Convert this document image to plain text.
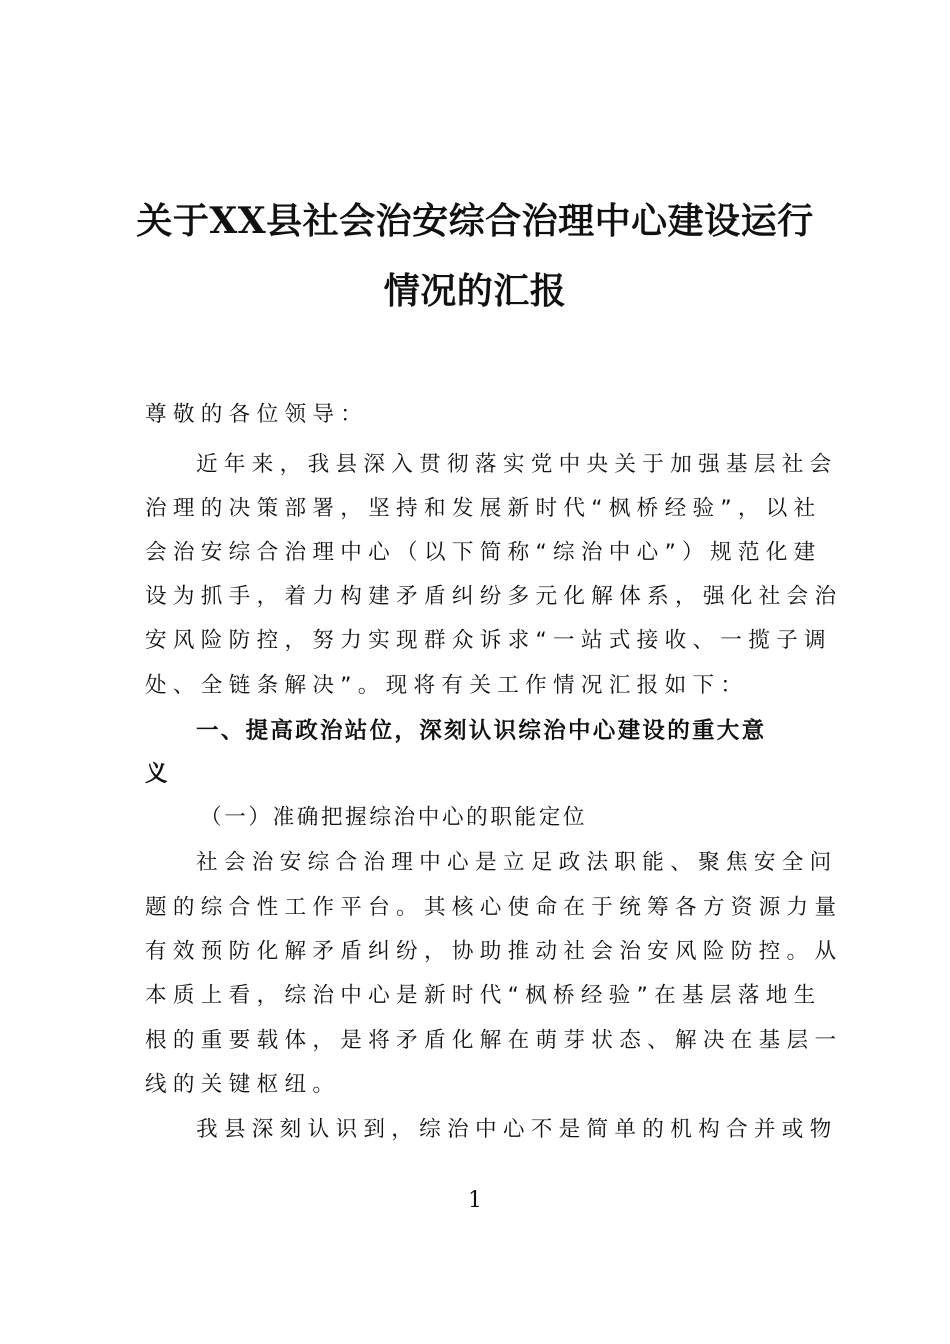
关于XX县社会治安综合治理中心建设运行
情况的汇报
尊敬的各位领导：
近年来，我县深入贯彻落实党中央关于加强基层社会
治理的决策部署，坚持和发展新时代“枫桥经验”，以社
会治安综合治理中心（以下简称“综治中心”）规范化建
设为抓手，着力构建矛盾纠纷多元化解体系，强化社会治
安风险防控，努力实现群众诉求“一站式接收、一揽子调
处、全链条解决”。现将有关工作情况汇报如下：
一、提高政治站位，深刻认识综治中心建设的重大意
义
（一）准确把握综治中心的职能定位
社会治安综合治理中心是立足政法职能、聚焦安全问
题的综合性工作平台。其核心使命在于统筹各方资源力量
有效预防化解矛盾纠纷，协助推动社会治安风险防控。从
本质上看，综治中心是新时代“枫桥经验”在基层落地生
根的重要载体，是将矛盾化解在萌芽状态、解决在基层一
线的关键枢纽。
我县深刻认识到，综治中心不是简单的机构合并或物
1
